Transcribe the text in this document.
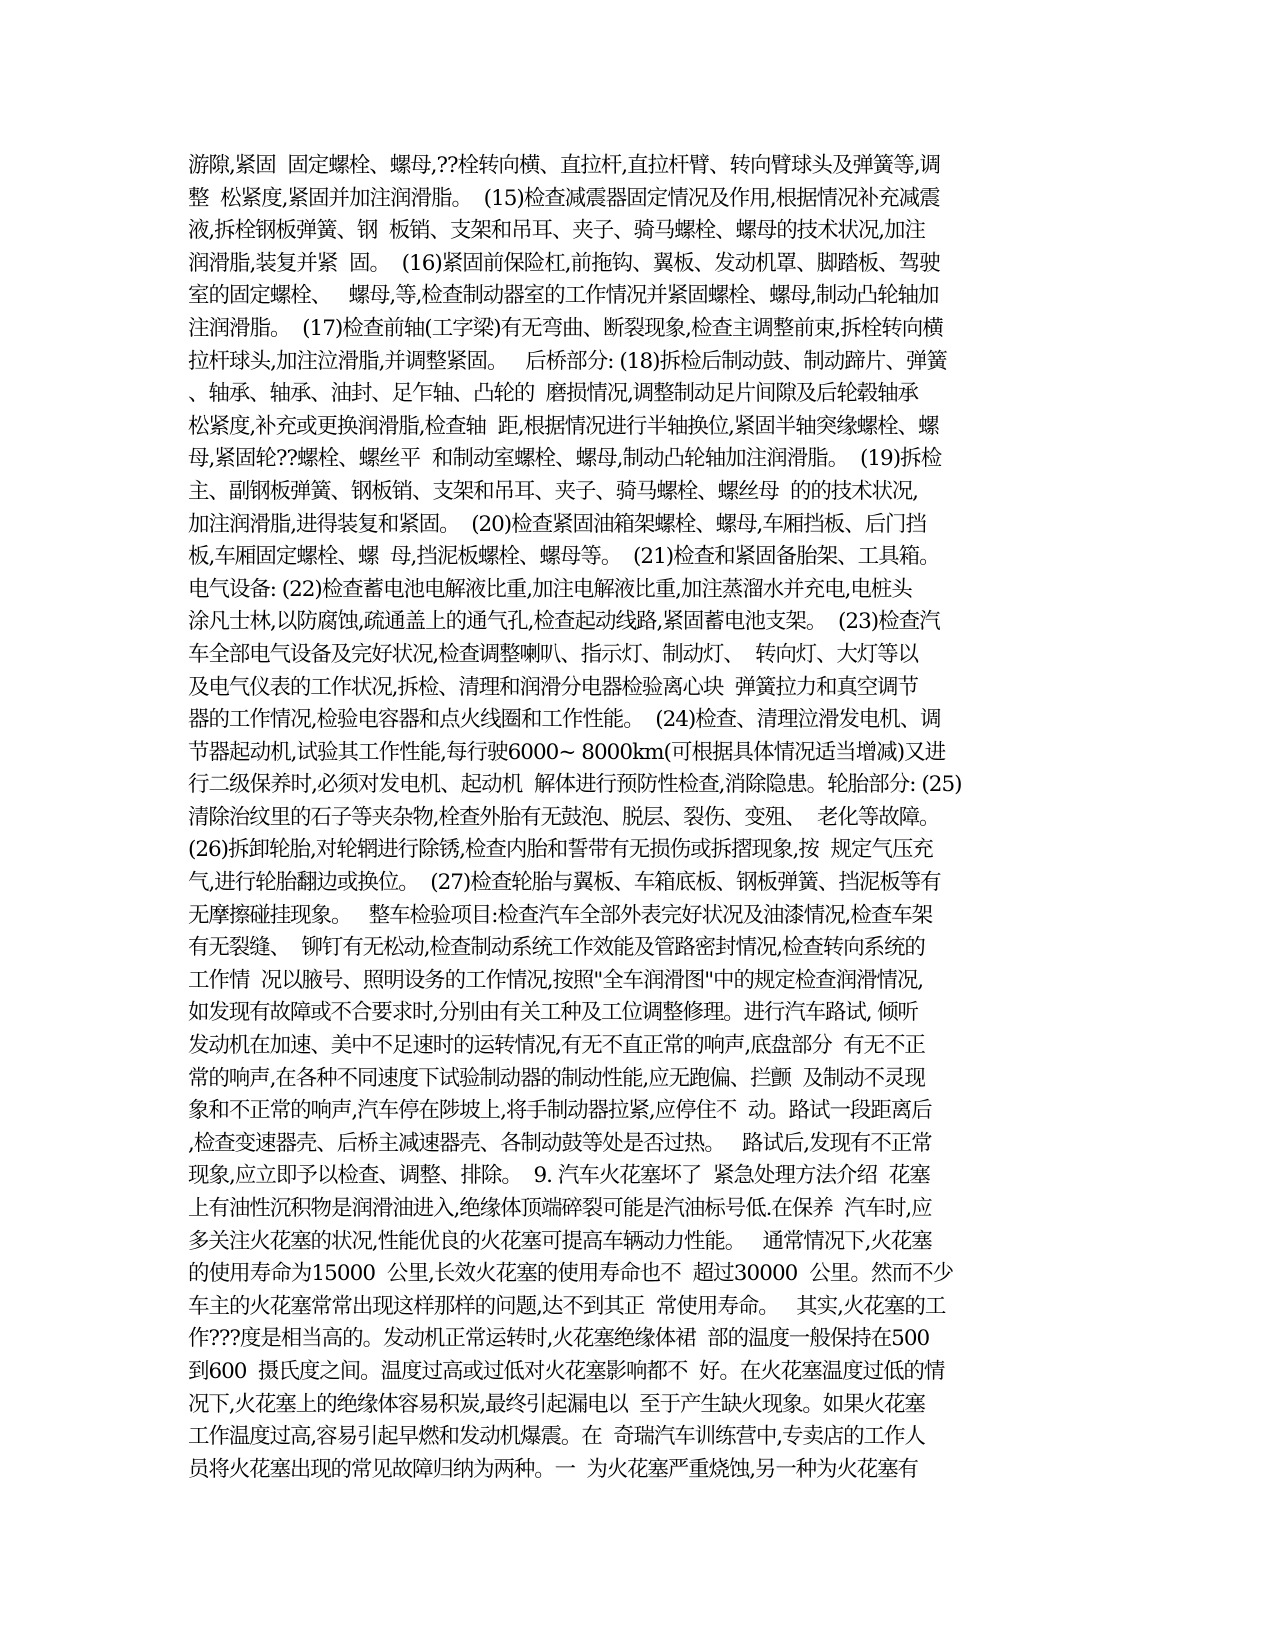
游隙,紧固  固定螺栓、螺母,??栓转向横、直拉杆,直拉杆臂、转向臂球头及弹簧等,调
整  松紧度,紧固并加注润滑脂。  (15)检查减震器固定情况及作用,根据情况补充减震
液,拆栓钢板弹簧、钢  板销、支架和吊耳、夹子、骑马螺栓、螺母的技术状况,加注
润滑脂,装复并紧  固。  (16)紧固前保险杠,前拖钩、翼板、发动机罩、脚踏板、驾驶
室的固定螺栓、   螺母,等,检查制动器室的工作情况并紧固螺栓、螺母,制动凸轮轴加
注润滑脂。  (17)检查前轴(工字梁)有无弯曲、断裂现象,检查主调整前束,拆栓转向横
拉杆球头,加注泣滑脂,并调整紧固。   后桥部分: (18)拆检后制动鼓、制动蹄片、弹簧
、轴承、轴承、油封、足乍轴、凸轮的  磨损情况,调整制动足片间隙及后轮毂轴承
松紧度,补充或更换润滑脂,检查轴  距,根据情况进行半轴换位,紧固半轴突缘螺栓、螺
母,紧固轮??螺栓、螺丝平  和制动室螺栓、螺母,制动凸轮轴加注润滑脂。  (19)拆检
主、副钢板弹簧、钢板销、支架和吊耳、夹子、骑马螺栓、螺丝母  的的技术状况,
加注润滑脂,进得装复和紧固。  (20)检查紧固油箱架螺栓、螺母,车厢挡板、后门挡
板,车厢固定螺栓、螺  母,挡泥板螺栓、螺母等。  (21)检查和紧固备胎架、工具箱。
电气设备: (22)检查蓄电池电解液比重,加注电解液比重,加注蒸溜水并充电,电桩头
涂凡士林,以防腐蚀,疏通盖上的通气孔,检查起动线路,紧固蓄电池支架。  (23)检查汽
车全部电气设备及完好状况,检查调整喇叭、指示灯、制动灯、  转向灯、大灯等以
及电气仪表的工作状况,拆检、清理和润滑分电器检验离心块  弹簧拉力和真空调节
器的工作情况,检验电容器和点火线圈和工作性能。  (24)检查、清理泣滑发电机、调
节器起动机,试验其工作性能,每行驶6000~ 8000km(可根据具体情况适当增减)又进
行二级保养时,必须对发电机、起动机  解体进行预防性检查,消除隐患。轮胎部分: (25)
清除治纹里的石子等夹杂物,栓查外胎有无鼓泡、脱层、裂伤、变殂、  老化等故障。
(26)拆卸轮胎,对轮辋进行除锈,检查内胎和誓带有无损伤或拆摺现象,按  规定气压充
气,进行轮胎翻边或换位。  (27)检查轮胎与翼板、车箱底板、钢板弹簧、挡泥板等有
无摩擦碰挂现象。   整车检验项目:检查汽车全部外表完好状况及油漆情况,检查车架
有无裂缝、  铆钉有无松动,检查制动系统工作效能及管路密封情况,检查转向系统的
工作情  况以腋号、照明设务的工作情况,按照"全车润滑图"中的规定检查润滑情况,
如发现有故障或不合要求时,分别由有关工种及工位调整修理。进行汽车路试, 倾听
发动机在加速、美中不足速时的运转情况,有无不直正常的响声,底盘部分  有无不正
常的响声,在各种不同速度下试验制动器的制动性能,应无跑偏、拦颤  及制动不灵现
象和不正常的响声,汽车停在陟坡上,将手制动器拉紧,应停住不  动。路试一段距离后
,检查变速器壳、后桥主减速器壳、各制动鼓等处是否过热。   路试后,发现有不正常
现象,应立即予以检查、调整、排除。  9. 汽车火花塞坏了  紧急处理方法介绍  花塞
上有油性沉积物是润滑油进入,绝缘体顶端碎裂可能是汽油标号低.在保养  汽车时,应
多关注火花塞的状况,性能优良的火花塞可提高车辆动力性能。   通常情况下,火花塞
的使用寿命为15000  公里,长效火花塞的使用寿命也不  超过30000  公里。然而不少
车主的火花塞常常出现这样那样的问题,达不到其正  常使用寿命。   其实,火花塞的工
作???度是相当高的。发动机正常运转时,火花塞绝缘体裙  部的温度一般保持在500
到600  摄氏度之间。温度过高或过低对火花塞影响都不  好。在火花塞温度过低的情
况下,火花塞上的绝缘体容易积炭,最终引起漏电以  至于产生缺火现象。如果火花塞
工作温度过高,容易引起早燃和发动机爆震。在  奇瑞汽车训练营中,专卖店的工作人
员将火花塞出现的常见故障归纳为两种。一  为火花塞严重烧蚀,另一种为火花塞有
